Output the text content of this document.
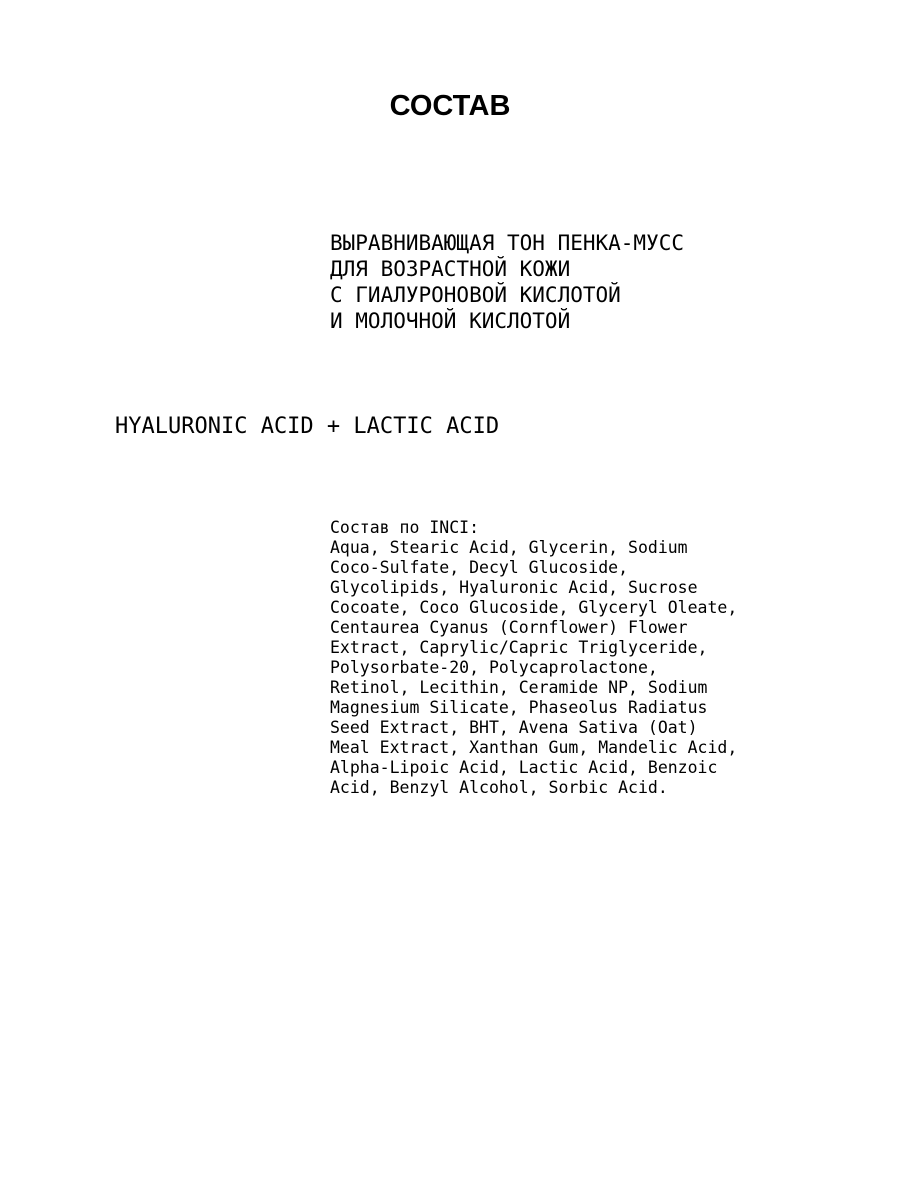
СОСТАВ
ВЫРАВНИВАЮЩАЯ ТОН ПЕНКА-МУСС
ДЛЯ ВОЗРАСТНОЙ КОЖИ
С ГИАЛУРОНОВОЙ КИСЛОТОЙ
И МОЛОЧНОЙ КИСЛОТОЙ
HYALURONIC ACID + LACTIC ACID
Состав по INCI:
Aqua, Stearic Acid, Glycerin, Sodium
Coco-Sulfate, Decyl Glucoside,
Glycolipids, Hyaluronic Acid, Sucrose
Cocoate, Coco Glucoside, Glyceryl Oleate,
Centaurea Cyanus (Cornflower) Flower
Extract, Caprylic/Capric Triglyceride,
Polysorbate-20, Polycaprolactone,
Retinol, Lecithin, Ceramide NP, Sodium
Magnesium Silicate, Phaseolus Radiatus
Seed Extract, BHT, Avena Sativa (Oat)
Meal Extract, Xanthan Gum, Mandelic Acid,
Alpha-Lipoic Acid, Lactic Acid, Benzoic
Acid, Benzyl Alcohol, Sorbic Acid.
